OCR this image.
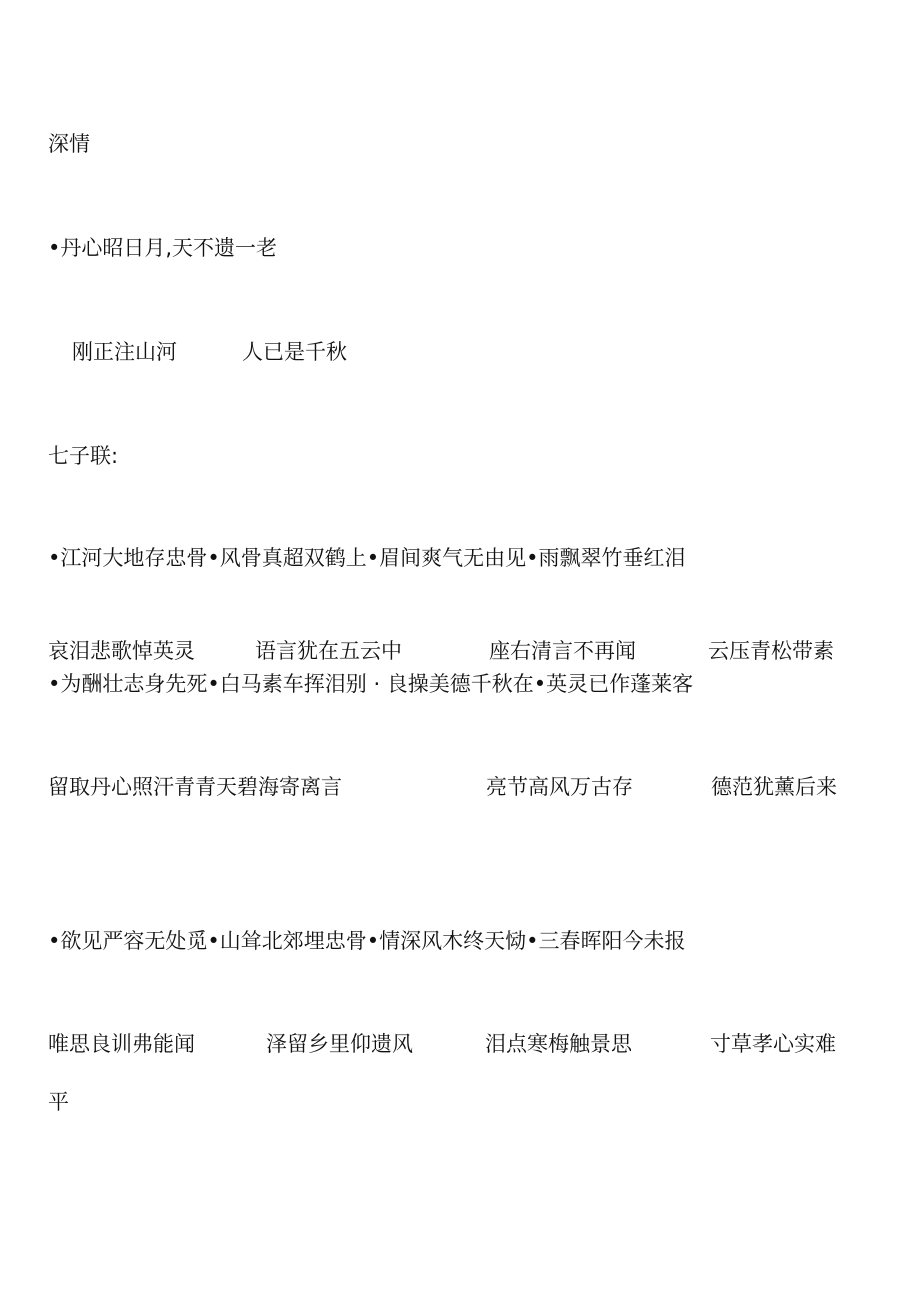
深情
•丹心昭日月,天不遗一老
刚正注山河	人已是千秋
七子联:
•江河大地存忠骨•风骨真超双鹤上•眉间爽气无由见•雨飘翠竹垂红泪
哀泪悲歌悼英灵	语言犹在五云中	座右清言不再闻	云压青松带素
•为酬壮志身先死•白马素车挥泪别 · 良操美德千秋在•英灵已作蓬莱客
留取丹心照汗青青天碧海寄离言	亮节高风万古存	德范犹薰后来
•欲见严容无处觅•山耸北郊埋忠骨•情深风木终天恸•三春晖阳今未报
唯思良训弗能闻	泽留乡里仰遗风	泪点寒梅触景思	寸草孝心实难
平
